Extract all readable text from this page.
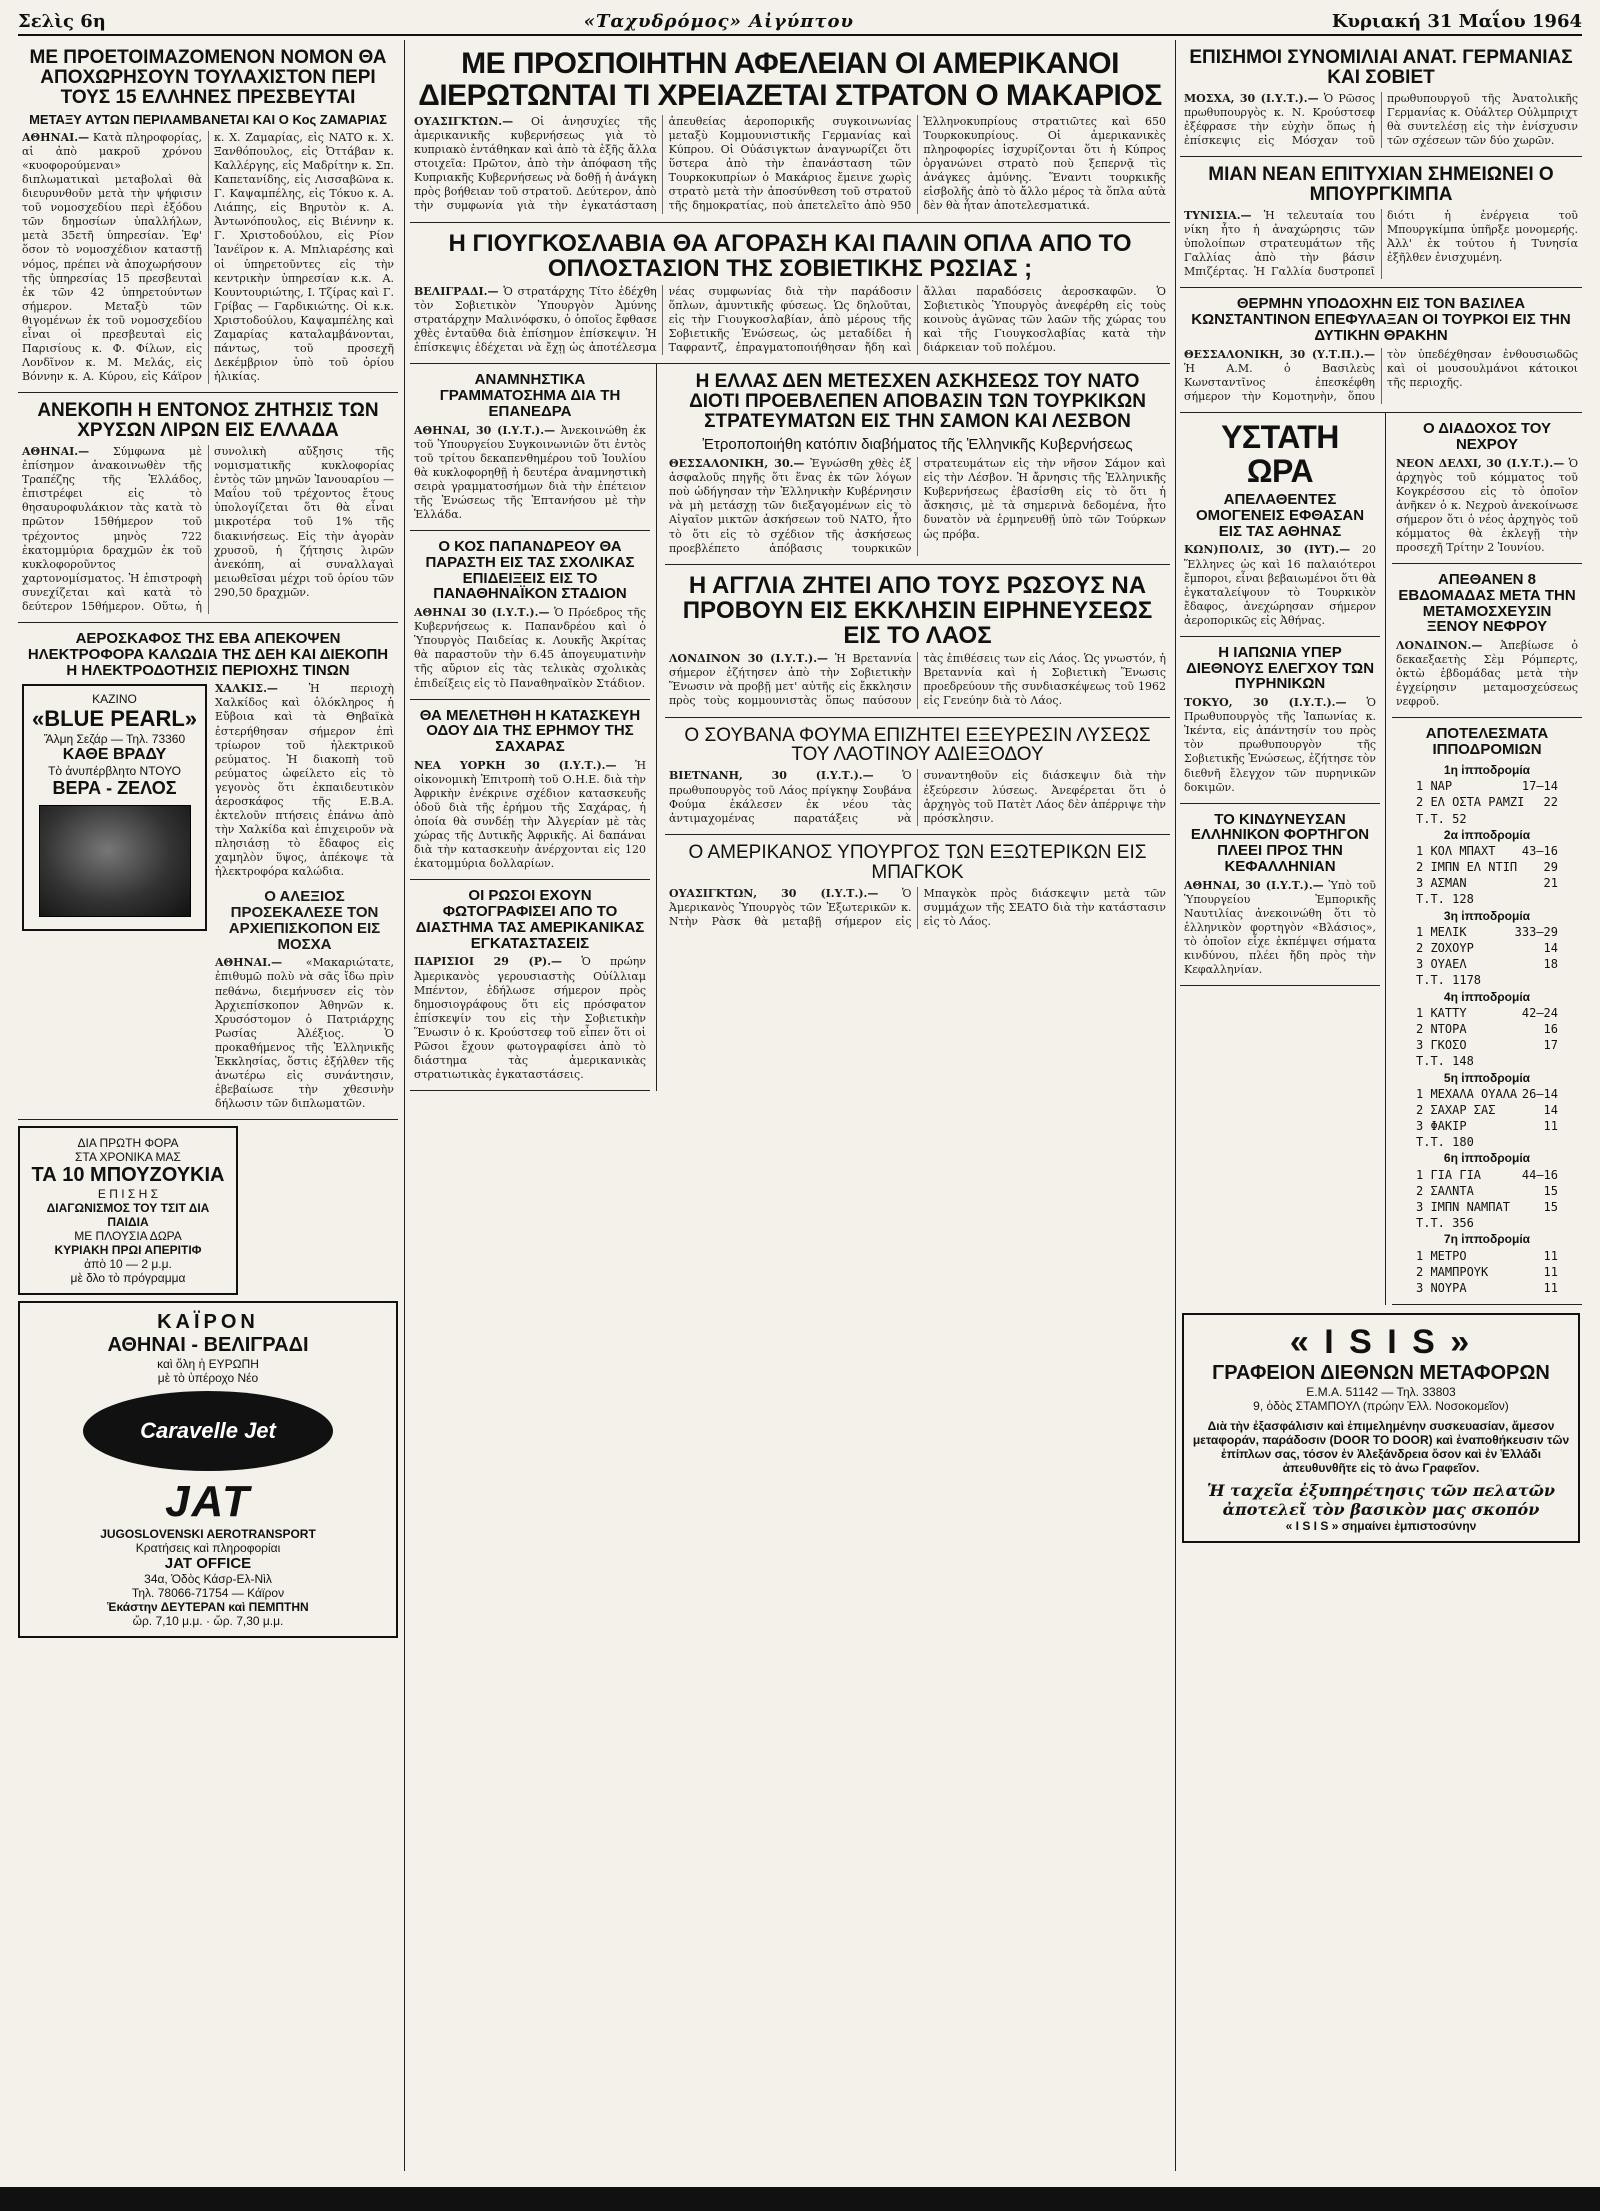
Σελὶς 6η	«Ταχυδρόμος» Αἰγύπτου	Κυριακή 31 Μαΐου 1964
ΜΕ ΠΡΟΕΤΟΙΜΑΖΟΜΕΝΟΝ ΝΟΜΟΝ ΘΑ ΑΠΟΧΩΡΗΣΟΥΝ ΤΟΥΛΑΧΙΣΤΟΝ ΠΕΡΙ ΤΟΥΣ 15 ΕΛΛΗΝΕΣ ΠΡΕΣΒΕΥΤΑΙ
ΜΕΤΑΞΥ ΑΥΤΩΝ ΠΕΡΙΛΑΜΒΑΝΕΤΑΙ ΚΑΙ Ο Κος ΖΑΜΑΡΙΑΣ
ΑΘΗΝΑΙ.— Κατὰ πληροφορίας, αἱ ἀπὸ μακροῦ χρόνου «κυοφορούμεναι» διπλωματικαὶ μεταβολαὶ θὰ διευρυνθοῦν μετὰ τὴν ψήφισιν τοῦ νομοσχεδίου περὶ ἐξόδου τῶν δημοσίων ὑπαλλήλων, μετὰ 35ετῆ ὑπηρεσίαν. Ἐφ' ὅσον τὸ νομοσχέδιον καταστῇ νόμος, πρέπει νὰ ἀποχωρήσουν τῆς ὑπηρεσίας 15 πρεσβευταὶ ἐκ τῶν 42 ὑπηρετούντων σήμερον. Μεταξὺ τῶν θιγομένων ἐκ τοῦ νομοσχεδίου εἶναι οἱ πρεσβευταὶ εἰς Παρισίους κ. Φ. Φίλων, εἰς Λονδῖνον κ. Μ. Μελάς, εἰς Βόννην κ. Α. Κύρου, εἰς Κάϊρον κ. Χ. Ζαμαρίας, εἰς ΝΑΤΟ κ. Χ. Ξανθόπουλος, εἰς Ὀττάβαν κ. Καλλέργης, εἰς Μαδρίτην κ. Σπ. Καπετανίδης, εἰς Λισσαβῶνα κ. Γ. Καψαμπέλης, εἰς Τόκυο κ. Α. Λιάπης, εἰς Βηρυτὸν κ. Α. Ἀντωνόπουλος, εἰς Βιέννην κ. Γ. Χριστοδούλου, εἰς Ρίον Ἰανέϊρον κ. Α. Μπλιαρέσης καὶ οἱ ὑπηρετοῦντες εἰς τὴν κεντρικὴν ὑπηρεσίαν κ.κ. Α. Κουντουριώτης, Ι. Τζίρας καὶ Γ. Γρίβας — Γαρδικιώτης. Οἱ κ.κ. Χριστοδούλου, Καψαμπέλης καὶ Ζαμαρίας καταλαμβάνονται, πάντως, τοῦ προσεχῆ Δεκέμβριον ὑπὸ τοῦ ὁρίου ἡλικίας.
ΑΝΕΚΟΠΗ Η ΕΝΤΟΝΟΣ ΖΗΤΗΣΙΣ ΤΩΝ ΧΡΥΣΩΝ ΛΙΡΩΝ ΕΙΣ ΕΛΛΑΔΑ
ΑΘΗΝΑΙ.— Σύμφωνα μὲ ἐπίσημον ἀνακοινωθὲν τῆς Τραπέζης τῆς Ἑλλάδος, ἐπιστρέφει εἰς τὸ θησαυροφυλάκιον τὰς κατὰ τὸ πρῶτον 15θήμερον τοῦ τρέχοντος μηνὸς 722 ἑκατομμύρια δραχμῶν ἐκ τοῦ κυκλοφοροῦντος χαρτονομίσματος. Ἡ ἐπιστροφὴ συνεχίζεται καὶ κατὰ τὸ δεύτερον 15θήμερον. Οὕτω, ἡ συνολικὴ αὔξησις τῆς νομισματικῆς κυκλοφορίας ἐντὸς τῶν μηνῶν Ἰανουαρίου — Μαΐου τοῦ τρέχοντος ἔτους ὑπολογίζεται ὅτι θὰ εἶναι μικροτέρα τοῦ 1% τῆς διακινήσεως. Εἰς τὴν ἀγορὰν χρυσοῦ, ἡ ζήτησις λιρῶν ἀνεκόπη, αἱ συναλλαγαὶ μειωθεῖσαι μέχρι τοῦ ὁρίου τῶν 290,50 δραχμῶν.
ΑΕΡΟΣΚΑΦΟΣ ΤΗΣ ΕΒΑ ΑΠΕΚΟΨΕΝ ΗΛΕΚΤΡΟΦΟΡΑ ΚΑΛΩΔΙΑ ΤΗΣ ΔΕΗ ΚΑΙ ΔΙΕΚΟΠΗ Η ΗΛΕΚΤΡΟΔΟΤΗΣΙΣ ΠΕΡΙΟΧΗΣ ΤΙΝΩΝ
ΚΑΖΙΝΟ
«BLUE PEARL»
Ἄλμη Σεζάρ — Τηλ. 73360
ΚΑΘΕ ΒΡΑΔΥ
Τὸ ἀνυπέρβλητο ΝΤΟΥΟ
ΒΕΡΑ - ΖΕΛΟΣ
ΧΑΛΚΙΣ.—	Ἡ περιοχὴ Χαλκίδος καὶ ὁλόκληρος ἡ Εὔβοια καὶ τὰ Θηβαϊκὰ ἐστερήθησαν σήμερον ἐπὶ τρίωρον τοῦ ἠλεκτρικοῦ ρεύματος. Ἡ διακοπὴ τοῦ ρεύματος ὠφείλετο εἰς τὸ γεγονὸς ὅτι ἐκπαιδευτικὸν ἀεροσκάφος τῆς Ε.Β.Α. ἐκτελοῦν πτήσεις ἐπάνω ἀπὸ τὴν Χαλκίδα καὶ ἐπιχειροῦν νὰ πλησιάσῃ τὸ ἔδαφος εἰς χαμηλὸν ὕψος, ἀπέκοψε τὰ ἠλεκτροφόρα καλώδια.
Ο ΑΛΕΞΙΟΣ ΠΡΟΣΕΚΑΛΕΣΕ ΤΟΝ ΑΡΧΙΕΠΙΣΚΟΠΟΝ ΕΙΣ ΜΟΣΧΑ
ΑΘΗΝΑΙ.— «Μακαριώτατε, ἐπιθυμῶ πολὺ νὰ σᾶς ἴδω πρὶν πεθάνω, διεμήνυσεν εἰς τὸν Ἀρχιεπίσκοπον Ἀθηνῶν κ. Χρυσόστομον ὁ Πατριάρχης Ρωσίας Ἀλέξιος. Ὁ προκαθήμενος τῆς Ἑλληνικῆς Ἐκκλησίας, ὅστις ἐξήλθεν τῆς ἀνωτέρω εἰς συνάντησιν, ἐβεβαίωσε τὴν χθεσινὴν δήλωσιν τῶν διπλωματῶν.
ΔΙΑ ΠΡΩΤΗ ΦΟΡΑ
ΣΤΑ ΧΡΟΝΙΚΑ ΜΑΣ
ΤΑ 10 ΜΠΟΥΖΟΥΚΙΑ
Ε Π Ι Σ Η Σ
ΔΙΑΓΩΝΙΣΜΟΣ ΤΟΥ ΤΣΙΤ ΔΙΑ ΠΑΙΔΙΑ
ΜΕ ΠΛΟΥΣΙΑ ΔΩΡΑ
ΚΥΡΙΑΚΗ ΠΡΩΙ ΑΠΕΡΙΤΙΦ
ἀπὸ 10 — 2 μ.μ.
μὲ δλο τὸ πρόγραμμα
ΚΑΪΡΟΝ
ΑΘΗΝΑΙ - ΒΕΛΙΓΡΑΔΙ
καὶ ὅλη ἡ ΕΥΡΩΠΗ
μὲ τὸ ὑπέροχο Νέο
Caravelle Jet
JAT
JUGOSLOVENSKI AEROTRANSPORT
Κρατήσεις καὶ πληροφορίαι
JAT OFFICE
34α, Ὁδὸς Κάσρ-Ελ-Νὶλ
Τηλ. 78066-71754 — Κάϊρον
Ἑκάστην ΔΕΥΤΕΡΑΝ καὶ ΠΕΜΠΤΗΝ
ὥρ. 7,10 μ.μ. · ὥρ. 7,30 μ.μ.
ΜΕ ΠΡΟΣΠΟΙΗΤΗΝ ΑΦΕΛΕΙΑΝ ΟΙ ΑΜΕΡΙΚΑΝΟΙ ΔΙΕΡΩΤΩΝΤΑΙ ΤΙ ΧΡΕΙΑΖΕΤΑΙ ΣΤΡΑΤΟΝ Ο ΜΑΚΑΡΙΟΣ
ΟΥΑΣΙΓΚΤΩΝ.— Οἱ ἀνησυχίες τῆς ἀμερικανικῆς κυβερνήσεως γιὰ τὸ κυπριακὸ ἐντάθηκαν καὶ ἀπὸ τὰ ἑξῆς ἄλλα στοιχεῖα: Πρῶτον, ἀπὸ τὴν ἀπόφαση τῆς Κυπριακῆς Κυβερνήσεως νὰ δοθῇ ἡ ἀνάγκη πρὸς βοήθειαν τοῦ στρατοῦ. Δεύτερον, ἀπὸ τὴν συμφωνία γιὰ τὴν ἐγκατάσταση ἀπευθείας ἀεροπορικῆς συγκοινωνίας μεταξὺ Κομμουνιστικῆς Γερμανίας καὶ Κύπρου. Οἱ Οὐάσιγκτων ἀναγνωρίζει ὅτι ὕστερα ἀπὸ τὴν ἐπανάσταση τῶν Τουρκοκυπρίων ὁ Μακάριος ἔμεινε χωρὶς στρατὸ μετὰ τὴν ἀποσύνθεση τοῦ στρατοῦ τῆς δημοκρατίας, ποὺ ἀπετελεῖτο ἀπὸ 950 Ἑλληνοκυπρίους στρατιῶτες καὶ 650 Τουρκοκυπρίους. Οἱ ἀμερικανικὲς πληροφορίες ἰσχυρίζονται ὅτι ἡ Κύπρος ὀργανώνει στρατὸ ποὺ ξεπερνᾷ τὶς ἀνάγκες ἀμύνης. Ἕναντι τουρκικῆς εἰσβολῆς ἀπὸ τὸ ἄλλο μέρος τὰ ὅπλα αὐτὰ δὲν θὰ ἦταν ἀποτελεσματικά.
Η ΓΙΟΥΓΚΟΣΛΑΒΙΑ ΘΑ ΑΓΟΡΑΣΗ ΚΑΙ ΠΑΛΙΝ ΟΠΛΑ ΑΠΟ ΤΟ ΟΠΛΟΣΤΑΣΙΟΝ ΤΗΣ ΣΟΒΙΕΤΙΚΗΣ ΡΩΣΙΑΣ ;
ΒΕΛΙΓΡΑΔΙ.— Ὁ στρατάρχης Τίτο ἐδέχθη τὸν Σοβιετικὸν Ὑπουργὸν Ἀμύνης στρατάρχην Μαλινόφσκυ, ὁ ὁποῖος ἔφθασε χθὲς ἐνταῦθα διὰ ἐπίσημον ἐπίσκεψιν. Ἡ ἐπίσκεψις ἐδέχεται νὰ ἔχῃ ὡς ἀποτέλεσμα νέας συμφωνίας διὰ τὴν παράδοσιν ὅπλων, ἀμυντικῆς φύσεως. Ὡς δηλοῦται, εἰς τὴν Γιουγκοσλαβίαν, ἀπὸ μέρους τῆς Σοβιετικῆς Ἑνώσεως, ὡς μεταδίδει ἡ Ταφραντζ, ἐπραγματοποιήθησαν ἤδη καὶ ἄλλαι παραδόσεις ἀεροσκαφῶν. Ὁ Σοβιετικὸς Ὑπουργὸς ἀνεφέρθη εἰς τοὺς κοινοὺς ἀγῶνας τῶν λαῶν τῆς χώρας του καὶ τῆς Γιουγκοσλαβίας κατὰ τὴν διάρκειαν τοῦ πολέμου.
ΑΝΑΜΝΗΣΤΙΚΑ ΓΡΑΜΜΑΤΟΣΗΜΑ ΔΙΑ ΤΗ ΕΠΑΝΕΔΡΑ
ΑΘΗΝΑΙ, 30 (Ι.Υ.Τ.).— Ἀνεκοινώθη ἐκ τοῦ Ὑπουργείου Συγκοινωνιῶν ὅτι ἐντὸς τοῦ τρίτου δεκαπενθημέρου τοῦ Ἰουλίου θὰ κυκλοφορηθῇ ἡ δευτέρα ἀναμνηστικὴ σειρὰ γραμματοσήμων διὰ τὴν ἐπέτειον τῆς Ἑνώσεως τῆς Ἑπτανήσου μὲ τὴν Ἑλλάδα.
Ο ΚΟΣ ΠΑΠΑΝΔΡΕΟΥ ΘΑ ΠΑΡΑΣΤΗ ΕΙΣ ΤΑΣ ΣΧΟΛΙΚΑΣ ΕΠΙΔΕΙΞΕΙΣ ΕΙΣ ΤΟ ΠΑΝΑΘΗΝΑΪΚΟΝ ΣΤΑΔΙΟΝ
ΑΘΗΝΑΙ 30 (Ι.Υ.Τ.).— Ὁ Πρόεδρος τῆς Κυβερνήσεως κ. Παπανδρέου καὶ ὁ Ὑπουργὸς Παιδείας κ. Λουκῆς Ἀκρίτας θὰ παραστοῦν τὴν 6.45 ἀπογευματινὴν τῆς αὔριον εἰς τὰς τελικὰς σχολικὰς ἐπιδείξεις εἰς τὸ Παναθηναϊκὸν Στάδιον.
ΘΑ ΜΕΛΕΤΗΘΗ Η ΚΑΤΑΣΚΕΥΗ ΟΔΟΥ ΔΙΑ ΤΗΣ ΕΡΗΜΟΥ ΤΗΣ ΣΑΧΑΡΑΣ
ΝΕΑ ΥΟΡΚΗ 30 (Ι.Υ.Τ.).— Ἡ οἰκονομικὴ Ἐπιτροπὴ τοῦ Ο.Η.Ε. διὰ τὴν Ἀφρικὴν ἐνέκρινε σχέδιον κατασκευῆς ὁδοῦ διὰ τῆς ἐρήμου τῆς Σαχάρας, ἡ ὁποία θὰ συνδέῃ τὴν Ἀλγερίαν μὲ τὰς χώρας τῆς Δυτικῆς Ἀφρικῆς. Αἱ δαπάναι διὰ τὴν κατασκευὴν ἀνέρχονται εἰς 120 ἑκατομμύρια δολλαρίων.
ΟΙ ΡΩΣΟΙ ΕΧΟΥΝ ΦΩΤΟΓΡΑΦΙΣΕΙ ΑΠΟ ΤΟ ΔΙΑΣΤΗΜΑ ΤΑΣ ΑΜΕΡΙΚΑΝΙΚΑΣ ΕΓΚΑΤΑΣΤΑΣΕΙΣ
ΠΑΡΙΣΙΟΙ 29 (Ρ).— Ὁ πρώην Ἀμερικανὸς γερουσιαστὴς Οὐίλλιαμ Μπέντον, ἐδήλωσε σήμερον πρὸς δημοσιογράφους ὅτι εἰς πρόσφατον ἐπίσκεψίν του εἰς τὴν Σοβιετικὴν Ἕνωσιν ὁ κ. Κρούστσεφ τοῦ εἶπεν ὅτι οἱ Ρῶσοι ἔχουν φωτογραφίσει ἀπὸ τὸ διάστημα τὰς ἀμερικανικὰς στρατιωτικὰς ἐγκαταστάσεις.
Η ΕΛΛΑΣ ΔΕΝ ΜΕΤΕΣΧΕΝ ΑΣΚΗΣΕΩΣ ΤΟΥ ΝΑΤΟ ΔΙΟΤΙ ΠΡΟΕΒΛΕΠΕΝ ΑΠΟΒΑΣΙΝ ΤΩΝ ΤΟΥΡΚΙΚΩΝ ΣΤΡΑΤΕΥΜΑΤΩΝ ΕΙΣ ΤΗΝ ΣΑΜΟΝ ΚΑΙ ΛΕΣΒΟΝ
Ἐτροποποιήθη κατόπιν διαβήματος τῆς Ἑλληνικῆς Κυβερνήσεως
ΘΕΣΣΑΛΟΝΙΚΗ, 30.— Ἐγνώσθη χθὲς ἐξ ἀσφαλοῦς πηγῆς ὅτι ἕνας ἐκ τῶν λόγων ποὺ ὡδήγησαν τὴν Ἑλληνικὴν Κυβέρνησιν νὰ μὴ μετάσχῃ τῶν διεξαγομένων εἰς τὸ Αἰγαῖον μικτῶν ἀσκήσεων τοῦ ΝΑΤΟ, ἦτο τὸ ὅτι εἰς τὸ σχέδιον τῆς ἀσκήσεως προεβλέπετο ἀπόβασις τουρκικῶν στρατευμάτων εἰς τὴν νῆσον Σάμον καὶ εἰς τὴν Λέσβον. Ἡ ἄρνησις τῆς Ἑλληνικῆς Κυβερνήσεως ἐβασίσθη εἰς τὸ ὅτι ἡ ἄσκησις, μὲ τὰ σημερινὰ δεδομένα, ἦτο δυνατὸν νὰ ἑρμηνευθῇ ὑπὸ τῶν Τούρκων ὡς πρόβα.
Η ΑΓΓΛΙΑ ΖΗΤΕΙ ΑΠΟ ΤΟΥΣ ΡΩΣΟΥΣ ΝΑ ΠΡΟΒΟΥΝ ΕΙΣ ΕΚΚΛΗΣΙΝ ΕΙΡΗΝΕΥΣΕΩΣ ΕΙΣ ΤΟ ΛΑΟΣ
ΛΟΝΔΙΝΟΝ 30 (Ι.Υ.Τ.).— Ἡ Βρεταννία σήμερον ἐζήτησεν ἀπὸ τὴν Σοβιετικὴν Ἕνωσιν νὰ προβῇ μετ' αὐτῆς εἰς ἔκκλησιν πρὸς τοὺς κομμουνιστὰς ὅπως παύσουν τὰς ἐπιθέσεις των εἰς Λάος. Ὡς γνωστόν, ἡ Βρεταννία καὶ ἡ Σοβιετικὴ Ἕνωσις προεδρεύουν τῆς συνδιασκέψεως τοῦ 1962 εἰς Γενεύην διὰ τὸ Λάος.
Ο ΣΟΥΒΑΝΑ ΦΟΥΜΑ ΕΠΙΖΗΤΕΙ ΕΞΕΥΡΕΣΙΝ ΛΥΣΕΩΣ ΤΟΥ ΛΑΟΤΙΝΟΥ ΑΔΙΕΞΟΔΟΥ
ΒΙΕΤΝΑΝΗ, 30 (Ι.Υ.Τ.).—	Ὁ πρωθυπουργὸς τοῦ Λάος πρίγκηψ Σουβάνα Φούμα ἐκάλεσεν ἐκ νέου τὰς ἀντιμαχομένας παρατάξεις νὰ συναντηθοῦν εἰς διάσκεψιν διὰ τὴν ἐξεύρεσιν λύσεως. Ἀνεφέρεται ὅτι ὁ ἀρχηγὸς τοῦ Πατὲτ Λάος δὲν ἀπέρριψε τὴν πρόσκλησιν.
Ο ΑΜΕΡΙΚΑΝΟΣ ΥΠΟΥΡΓΟΣ ΤΩΝ ΕΞΩΤΕΡΙΚΩΝ ΕΙΣ ΜΠΑΓΚΟΚ
ΟΥΑΣΙΓΚΤΩΝ, 30 (Ι.Υ.Τ.).— Ὁ Ἀμερικανὸς Ὑπουργὸς τῶν Ἐξωτερικῶν κ. Ντὴν Ρὰσκ θὰ μεταβῇ σήμερον εἰς Μπαγκὸκ πρὸς διάσκεψιν μετὰ τῶν συμμάχων τῆς ΣΕΑΤΟ διὰ τὴν κατάστασιν εἰς τὸ Λάος.
ΕΠΙΣΗΜΟΙ ΣΥΝΟΜΙΛΙΑΙ ΑΝΑΤ. ΓΕΡΜΑΝΙΑΣ ΚΑΙ ΣΟΒΙΕΤ
ΜΟΣΧΑ, 30 (Ι.Υ.Τ.).— Ὁ Ρῶσος πρωθυπουργὸς κ. Ν. Κρούστσεφ ἐξέφρασε τὴν εὐχὴν ὅπως ἡ ἐπίσκεψις εἰς Μόσχαν τοῦ πρωθυπουργοῦ τῆς Ἀνατολικῆς Γερμανίας κ. Οὐάλτερ Οὐλμπριχτ θὰ συντελέσῃ εἰς τὴν ἐνίσχυσιν τῶν σχέσεων τῶν δύο χωρῶν.
ΜΙΑΝ ΝΕΑΝ ΕΠΙΤΥΧΙΑΝ ΣΗΜΕΙΩΝΕΙ Ο ΜΠΟΥΡΓΚΙΜΠΑ
ΤΥΝΙΣΙΑ.— Ἡ τελευταία του νίκη ἦτο ἡ ἀναχώρησις τῶν ὑπολοίπων στρατευμάτων τῆς Γαλλίας ἀπὸ τὴν βάσιν Μπιζέρτας. Ἡ Γαλλία δυστροπεῖ διότι ἡ ἐνέργεια τοῦ Μπουργκίμπα ὑπῆρξε μονομερής. Ἀλλ' ἐκ τούτου ἡ Τυνησία ἐξῆλθεν ἐνισχυμένη.
ΘΕΡΜΗΝ ΥΠΟΔΟΧΗΝ ΕΙΣ ΤΟΝ ΒΑΣΙΛΕΑ ΚΩΝΣΤΑΝΤΙΝΟΝ ΕΠΕΦΥΛΑΞΑΝ ΟΙ ΤΟΥΡΚΟΙ ΕΙΣ ΤΗΝ ΔΥΤΙΚΗΝ ΘΡΑΚΗΝ
ΘΕΣΣΑΛΟΝΙΚΗ, 30 (Υ.Τ.Π.).— Ἡ Α.Μ. ὁ Βασιλεὺς Κωνσταντῖνος ἐπεσκέφθη σήμερον τὴν Κομοτηνὴν, ὅπου τὸν ὑπεδέχθησαν ἐνθουσιωδῶς καὶ οἱ μουσουλμάνοι κάτοικοι τῆς περιοχῆς.
ΥΣΤΑΤΗ ΩΡΑ
ΑΠΕΛΑΘΕΝΤΕΣ ΟΜΟΓΕΝΕΙΣ ΕΦΘΑΣΑΝ ΕΙΣ ΤΑΣ ΑΘΗΝΑΣ
ΚΩΝ)ΠΟΛΙΣ, 30 (ΙΥΤ).— 20 Ἕλληνες ὡς καὶ 16 παλαιότεροι ἔμποροι, εἶναι βεβαιωμένοι ὅτι θὰ ἐγκαταλείψουν τὸ Τουρκικὸν ἔδαφος, ἀνεχώρησαν σήμερον ἀεροπορικῶς εἰς Ἀθήνας.
Η ΙΑΠΩΝΙΑ ΥΠΕΡ ΔΙΕΘΝΟΥΣ ΕΛΕΓΧΟΥ ΤΩΝ ΠΥΡΗΝΙΚΩΝ
ΤΟΚΥΟ, 30 (Ι.Υ.Τ.).— Ὁ Πρωθυπουργὸς τῆς Ἰαπωνίας κ. Ἰκέντα, εἰς ἀπάντησίν του πρὸς τὸν πρωθυπουργὸν τῆς Σοβιετικῆς Ἑνώσεως, ἐζήτησε τὸν διεθνῆ ἔλεγχον τῶν πυρηνικῶν δοκιμῶν.
ΤΟ ΚΙΝΔΥΝΕΥΣΑΝ ΕΛΛΗΝΙΚΟΝ ΦΟΡΤΗΓΟΝ ΠΛΕΕΙ ΠΡΟΣ ΤΗΝ ΚΕΦΑΛΛΗΝΙΑΝ
ΑΘΗΝΑΙ, 30 (Ι.Υ.Τ.).— Ὑπὸ τοῦ Ὑπουργείου Ἐμπορικῆς Ναυτιλίας ἀνεκοινώθη ὅτι τὸ ἑλληνικὸν φορτηγὸν «Βλάσιος», τὸ ὁποῖον εἶχε ἐκπέμψει σήματα κινδύνου, πλέει ἤδη πρὸς τὴν Κεφαλληνίαν.
Ο ΔΙΑΔΟΧΟΣ ΤΟΥ ΝΕΧΡΟΥ
ΝΕΟΝ ΔΕΛΧΙ, 30 (Ι.Υ.Τ.).— Ὁ ἀρχηγὸς τοῦ κόμματος τοῦ Κογκρέσσου εἰς τὸ ὁποῖον ἀνῆκεν ὁ κ. Νεχροὺ ἀνεκοίνωσε σήμερον ὅτι ὁ νέος ἀρχηγὸς τοῦ κόμματος θὰ ἐκλεγῇ τὴν προσεχῆ Τρίτην 2 Ἰουνίου.
ΑΠΕΘΑΝΕΝ 8 ΕΒΔΟΜΑΔΑΣ ΜΕΤΑ ΤΗΝ ΜΕΤΑΜΟΣΧΕΥΣΙΝ ΞΕΝΟΥ ΝΕΦΡΟΥ
ΛΟΝΔΙΝΟΝ.— Ἀπεβίωσε ὁ δεκαεξαετὴς Σὲμ Ρόμπερτς, ὀκτὼ ἑβδομάδας μετὰ τὴν ἐγχείρησιν μεταμοσχεύσεως νεφροῦ.
ΑΠΟΤΕΛΕΣΜΑΤΑ ΙΠΠΟΔΡΟΜΙΩΝ
1η ἱπποδρομία
1 ΝΑΡ	17—14
2 ΕΛ ΟΣΤΑ ΡΑΜΖΙ 22
Τ.Τ. 52
2α ἱπποδρομία
1 ΚΟΛ ΜΠΑΧΤ 43—16
2 ΙΜΠΝ ΕΛ ΝΤΙΠ 29
3 ΑΣΜΑΝ	21
Τ.Τ. 128
3η ἱπποδρομία
1 ΜΕΛΙΚ	333—29
2 ΖΟΧΟΥΡ	14
3 ΟΥΑΕΛ	18
Τ.Τ. 1178
4η ἱπποδρομία
1 ΚΑΤΤΥ	42—24
2 ΝΤΟΡΑ	16
3 ΓΚΟΣΟ	17
Τ.Τ. 148
5η ἱπποδρομία
1 ΜΕΧΑΛΑ ΟΥΑΛΑ 26—14
2 ΣΑΧΑΡ ΣΑΣ	14
3 ΦΑΚΙΡ	11
Τ.Τ. 180
6η ἱπποδρομία
1 ΓΙΑ ΓΙΑ	44—16
2 ΣΑΛΝΤΑ	15
3 ΙΜΠΝ ΝΑΜΠΑΤ	15
Τ.Τ. 356
7η ἱπποδρομία
1 ΜΕΤΡΟ	11
2 ΜΑΜΠΡΟΥΚ	11
3 ΝΟΥΡΑ	11
« I S I S »
ΓΡΑΦΕΙΟΝ ΔΙΕΘΝΩΝ ΜΕΤΑΦΟΡΩΝ
Ε.Μ.Α. 51142 — Τηλ. 33803
9, ὁδὸς ΣΤΑΜΠΟΥΛ (πρώην Ἑλλ. Νοσοκομεῖον)
Διὰ τὴν ἐξασφάλισιν καὶ ἐπιμελημένην συσκευασίαν, ἄμεσον μεταφοράν, παράδοσιν (DOOR TO DOOR) καὶ ἐναποθήκευσιν τῶν ἐπίπλων σας, τόσον ἐν Ἀλεξάνδρεια ὅσον καὶ ἐν Ἑλλάδι ἀπευθυνθῆτε εἰς τὸ ἀνω Γραφεῖον.
Ἡ ταχεῖα ἐξυπηρέτησις τῶν πελατῶν ἀποτελεῖ τὸν βασικὸν μας σκοπόν
« I S I S » σημαίνει ἐμπιστοσύνην
